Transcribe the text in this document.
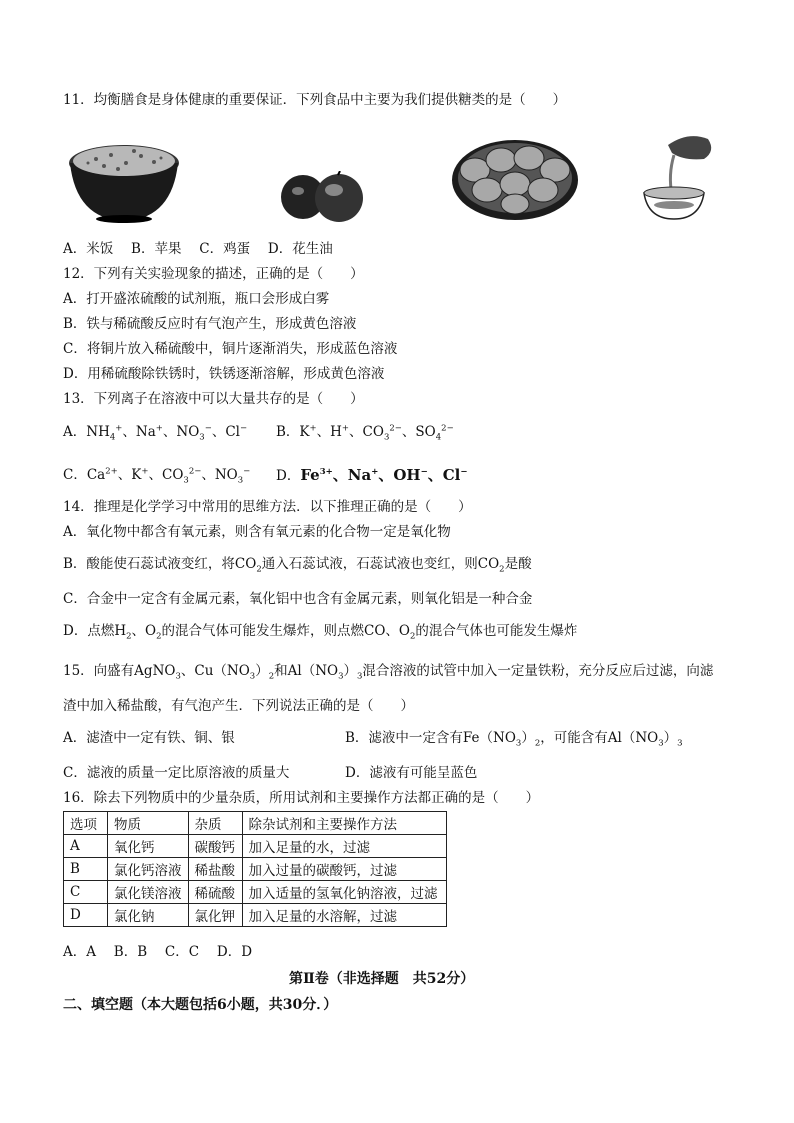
11．均衡膳食是身体健康的重要保证．下列食品中主要为我们提供糖类的是（　　）
A．米饭　 B．苹果　 C．鸡蛋　 D．花生油
12．下列有关实验现象的描述，正确的是（　　）
A．打开盛浓硫酸的试剂瓶，瓶口会形成白雾
B．铁与稀硫酸反应时有气泡产生，形成黄色溶液
C．将铜片放入稀硫酸中，铜片逐渐消失，形成蓝色溶液
D．用稀硫酸除铁锈时，铁锈逐渐溶解，形成黄色溶液
13．下列离子在溶液中可以大量共存的是（　　）
A．$NH_4^+$、Na+、$NO_3^-$、Cl− B．K+、H+、$CO_3^{2-}$、$SO_4^{2-}$
C．$Ca^{2+}$、K+、$CO_3^{2-}$、$NO_3^-$ D．$Fe^{3+}$、Na+、OH−、Cl−
14．推理是化学学习中常用的思维方法．以下推理正确的是（　　）
A．氧化物中都含有氧元素，则含有氧元素的化合物一定是氧化物
B．酸能使石蕊试液变红，将$CO_2$通入石蕊试液，石蕊试液也变红，则$CO_2$是酸
C．合金中一定含有金属元素，氧化铝中也含有金属元素，则氧化铝是一种合金
D．点燃$H_2$、$O_2$的混合气体可能发生爆炸，则点燃CO、$O_2$的混合气体也可能发生爆炸
15．向盛有AgNO$_3$、$Cu(NO_3)_2$和$Al(NO_3)_3$混合溶液的试管中加入一定量铁粉，充分反应后过滤，向滤
渣中加入稀盐酸，有气泡产生．下列说法正确的是（　　）
A．滤渣中一定有铁、铜、银	B．滤液中一定含有$Fe(NO_3)_2$，可能含有$Al(NO_3)_3$
C．滤液的质量一定比原溶液的质量大	D．滤液有可能呈蓝色
16．除去下列物质中的少量杂质，所用试剂和主要操作方法都正确的是（　　）
选项	物质	杂质	除杂试剂和主要操作方法
A	氧化钙	碳酸钙	加入足量的水，过滤
B	氯化钙溶液	稀盐酸	加入过量的碳酸钙，过滤
C	氯化镁溶液	稀硫酸	加入适量的氢氧化钠溶液，过滤
D	氯化钠	氯化钾	加入足量的水溶解，过滤
A．A　 B．B　 C．C　 D．D
第Ⅱ卷（非选择题　共52分）
二、填空题（本大题包括6小题，共30分．）
